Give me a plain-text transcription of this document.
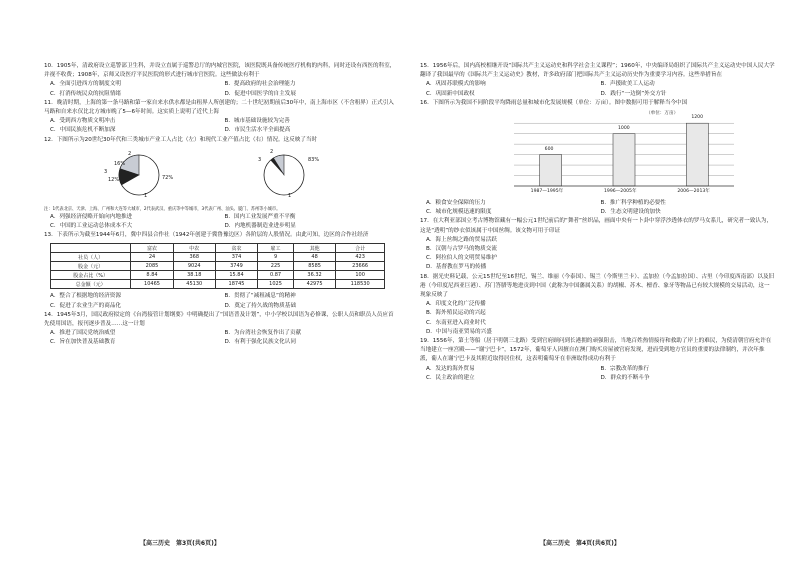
10．1905年，清政府设立巡警部卫生科，并设立直属于巡警总厅的内城官医院，该医院既具备传统医疗机构的内科，同时还设有西医的科室，并视不收费；1908年，京师又设医疗平民医院的形式进行城市官医院。这些做法有利于

A．全面引进西方的制度文明	B．提高政府的社会治理能力
C．打消传统民众的抗阻情绪	D．促进中国医学的自主发展

11．晚清时期，上海的第一条马路和第一家自来水供水都是由租界人所创建的；二十世纪初期前后30年中，南上海市区（不含租界）正式引入马路和自来水仅比北方城市晚了5—6年时间。这实质上说明了近代上海

A．受到西方物质文明冲击	B．城市基础设施较为完善
C．中国民族危机不断加深	D．市民生活水平全面提高

12．下图所示为20世纪30年代和三类城市产业工人占比（左）和现代工业产值占比（右）情况。这反映了当时

2
3
1
16%
12%	72%
2
3
1
83%

注：1代表北京、天津、上海、广州和大连等大城市，2代表武汉、重庆等中等城市，3代表广州、汕头、厦门、苏州等小城市。

A．列强经济侵略开始向内地推进	B．国内工业发展严重不平衡
C．中国的工业运动总体成本不大	D．内地机器制造业进步明显

13．下表所示为截至1944年6月，冀中四县合作社（1942年创建于冀鲁豫边区）各阶层的人股情况。由此可知，边区的合作社经济

	富农	中农	贫农	雇工	其他	合计
社员（人）	24	368	374	9	48	423
股金（元）	2085	9024	3749	225	8585	23666
股金占比（%）	8.84	38.18	15.84	0.87	36.32	100
总金额（元）	10465	45130	18745	1025	42975	118530
A．整合了根据地的经济资源	B．贯彻了“减租减息”的精神
C．促进了农业生产的商品化	D．奠定了持久战的物质基础

14．1945年3月，国民政府拟定的《台湾接管计划纲要》中明确提出了“国语普及计划”，中小学校以国语为必修课，公职人员和职员人员应首先使用国语，报刊逐步普及……这一计划

A．推进了国民党统治威望	B．为台湾社会恢复作出了贡献
C．旨在加快普及基础教育	D．有利于强化民族文化认同
【高三历史　第3页(共6页)】

15．1956年后，国内高校相继开设“国际共产主义运动史和科学社会主义课程”；1960年，中央编译局组织了国际共产主义运动史中国人民大学翻译了我国最早的《国际共产主义运动史》教材，许多政府部门把国际共产主义运动历史作为重要学习内容。这些举措旨在

A．巩固苏联模式的影响	B．声援欧美工人运动
C．巩固新中国政权	D．践行“一边倒”外交方针

16．下图所示为我国不同阶段平均降雨总量和城市化发展规模（单位：万亩）。图中数据可用于解释当今中国

（单位：万亩）
600
1987—1995年
1000
1996—2005年
1200
2006—2013年
A．粮食安全保障的压力	B．推广科学种植的必要性
C．城市化规模迅速的限度	D．生态文明建设的加快

17．在大利亚部国立考古博物馆藏有一幅公元1世纪前后的“舞者”丝织品，画面中央有一卜卦中穿浮沙透体衣的罗马女系儿，研究者一致认为，这是“透明”的纱衣似该属于中国丝绸。该文物可用于印证

A．海上丝绸之路的贸易活跃
B．汉朝与古罗马的物质交流
C．阿拉伯人的文明贸易维护
D．基督教在罗马的传播

18．据光史料记载，公元15世纪至16世纪，锡兰、维丽（今泰国）、锡兰（今斯里兰卡）、孟加拉（今孟加拉国）、古里（今印度西南部）以及旧港（今印度尼西亚巨港）、苏门答腊等地进贡到中国（此称为中国藩属关系）的胡椒、苏木、檀香、象牙等物品已有较大规模的交易活动，这一现象反映了

A．印度文化的广泛传播
B．海外殖民运动的兴起
C．东南亚进入商业时代
D．中国与南亚贸易的兴盛

19．1556年，第土等船（居于明朝三北路）受到官府顾问到长港拥的顽强阻击，当地百姓热情接待和救助了岸上的难民，为使清朝官府允许在当地建立一座宫殿——“谢宁巴卡”，1572年，葡萄牙人因擅自在澳门购买房屋被官府发现，进而受到地方官员的重要的法律制约，并次年推派，葡人在谢宁巴卡及其附近取得居住权，这表明葡萄牙在非洲取得成功有利于

A．发达的海外贸易	B．宗教改革的推行
C．民主政治的建立	D．群众的不断斗争
【高三历史　第4页(共6页)】
